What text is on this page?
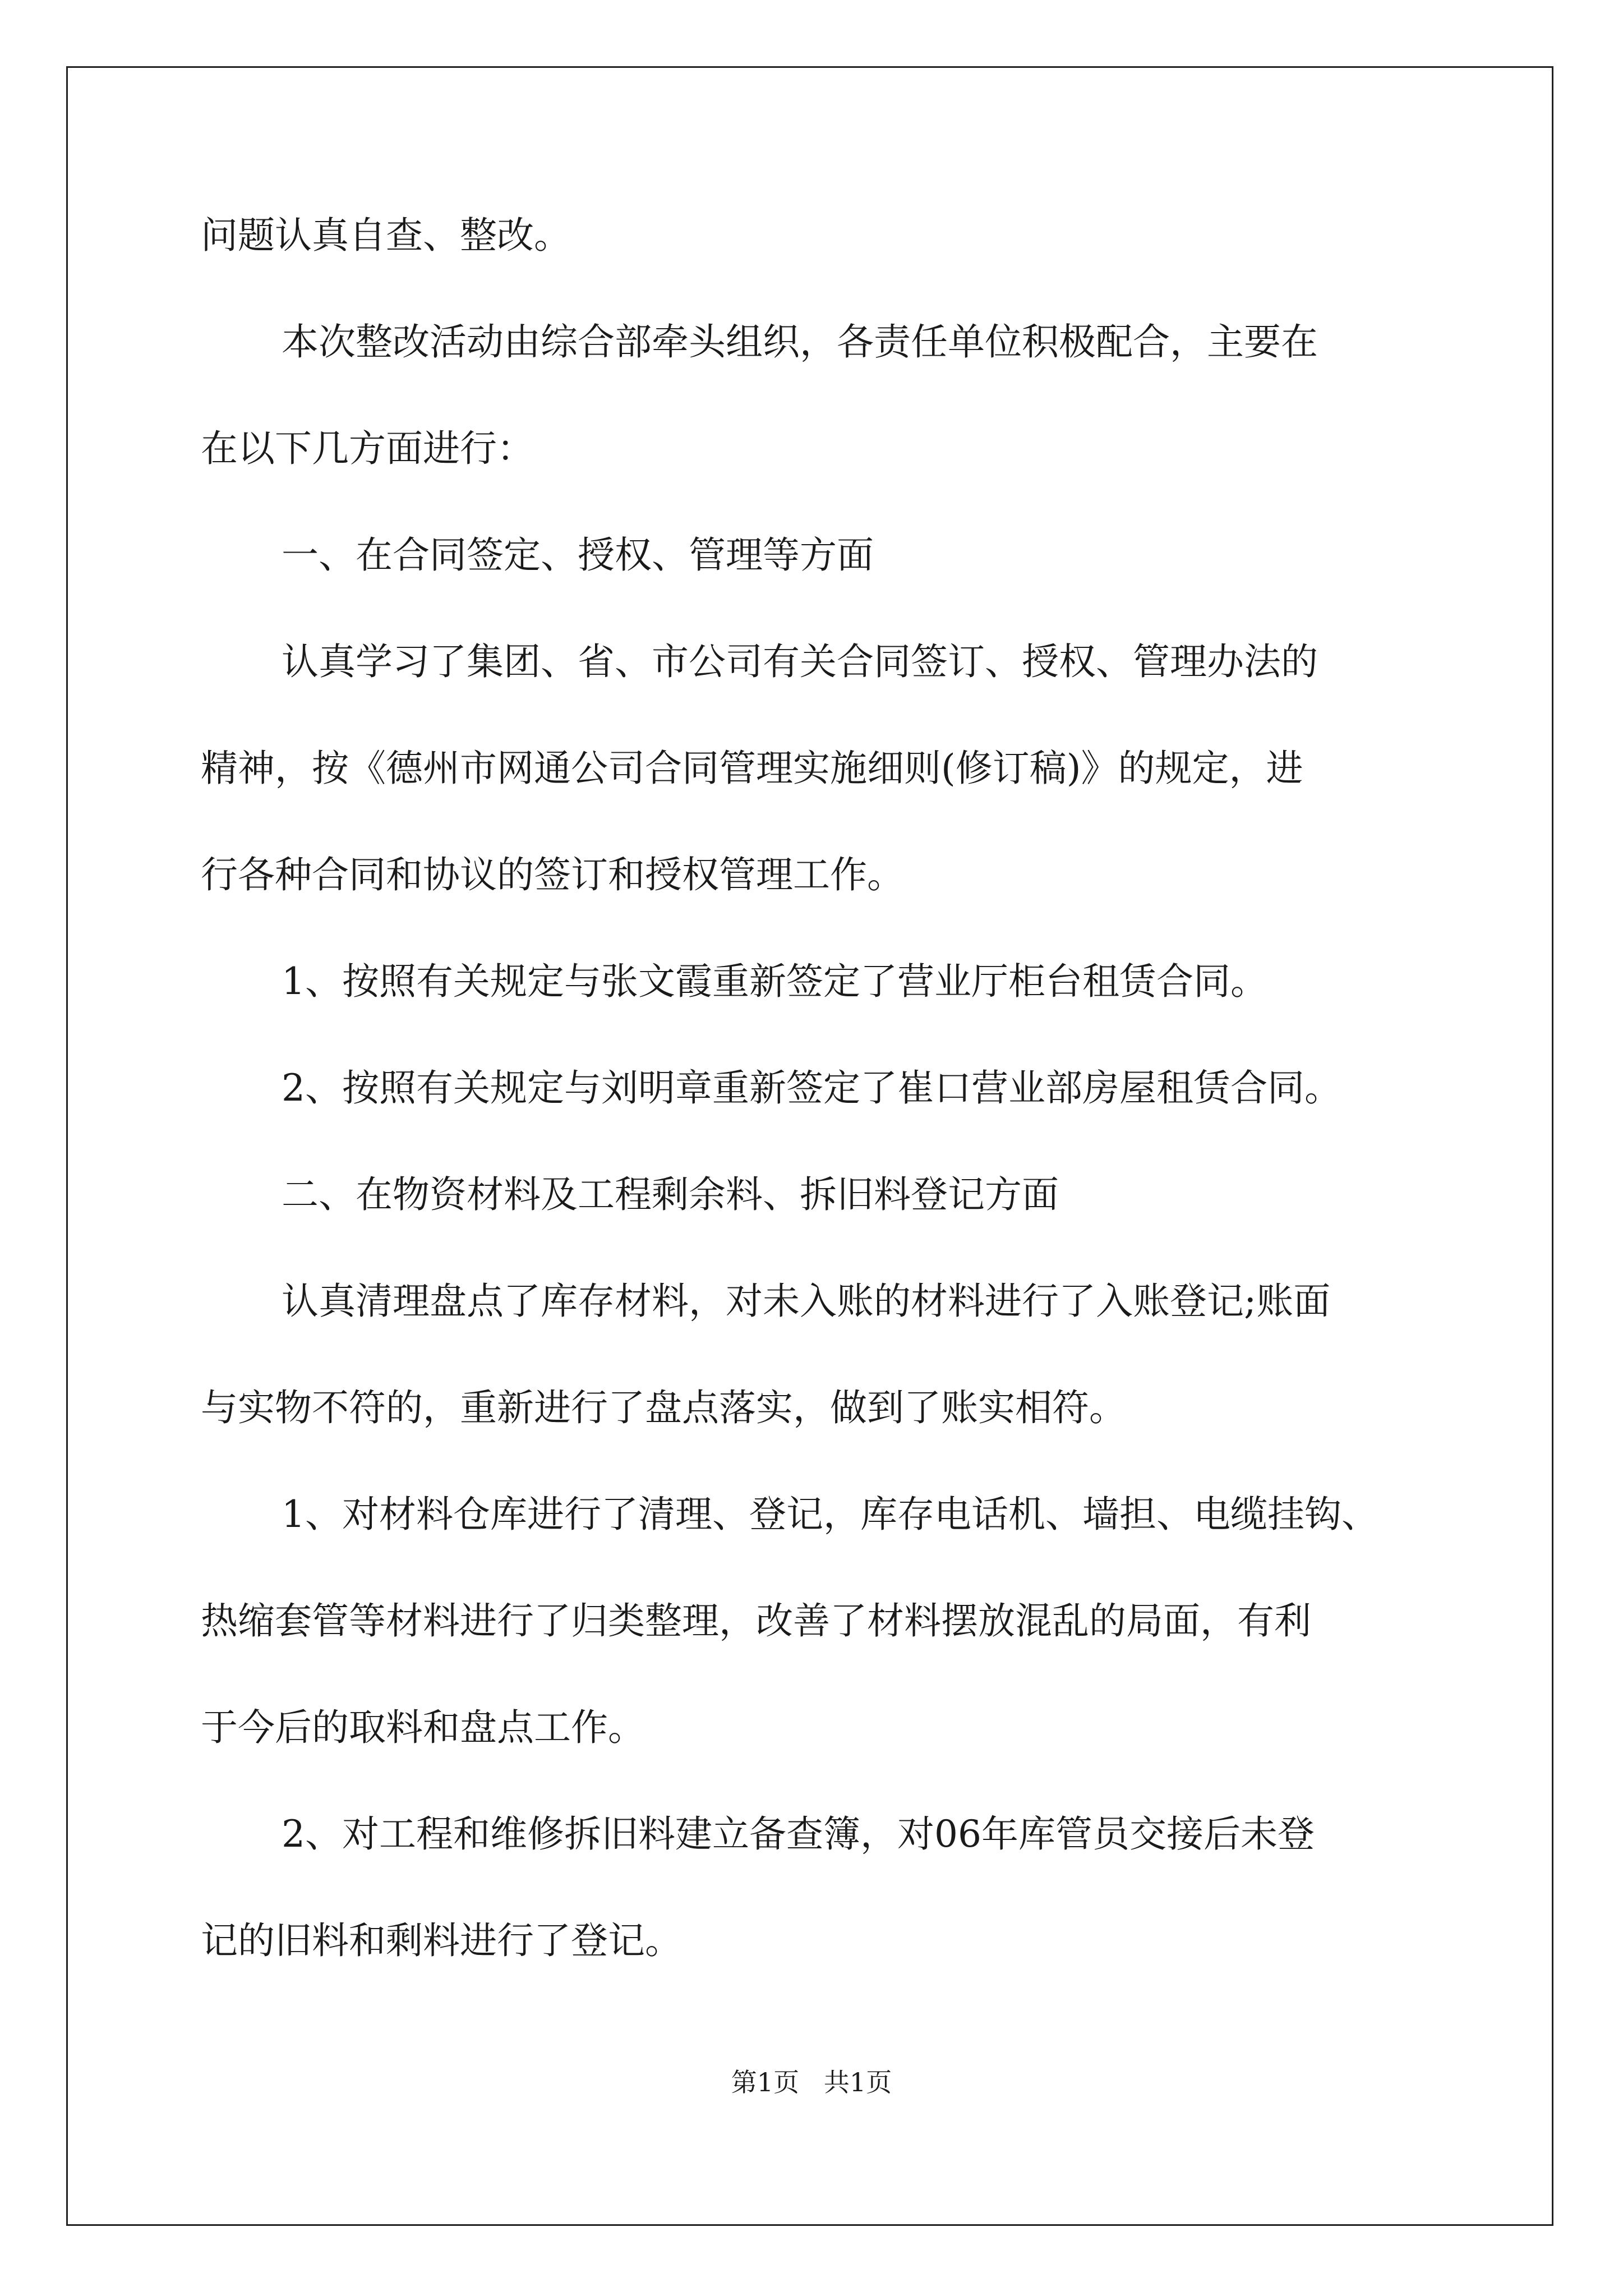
问题认真自查、整改。

本次整改活动由综合部牵头组织，各责任单位积极配合，主要在

在以下几方面进行：

一、在合同签定、授权、管理等方面

认真学习了集团、省、市公司有关合同签订、授权、管理办法的

精神，按《德州市网通公司合同管理实施细则(修订稿)》的规定，进

行各种合同和协议的签订和授权管理工作。

1、按照有关规定与张文霞重新签定了营业厅柜台租赁合同。

2、按照有关规定与刘明章重新签定了崔口营业部房屋租赁合同。

二、在物资材料及工程剩余料、拆旧料登记方面

认真清理盘点了库存材料，对未入账的材料进行了入账登记;账面

与实物不符的，重新进行了盘点落实，做到了账实相符。

1、对材料仓库进行了清理、登记，库存电话机、墙担、电缆挂钩、

热缩套管等材料进行了归类整理，改善了材料摆放混乱的局面，有利

于今后的取料和盘点工作。

2、对工程和维修拆旧料建立备查簿，对06年库管员交接后未登

记的旧料和剩料进行了登记。

第1页   共1页
